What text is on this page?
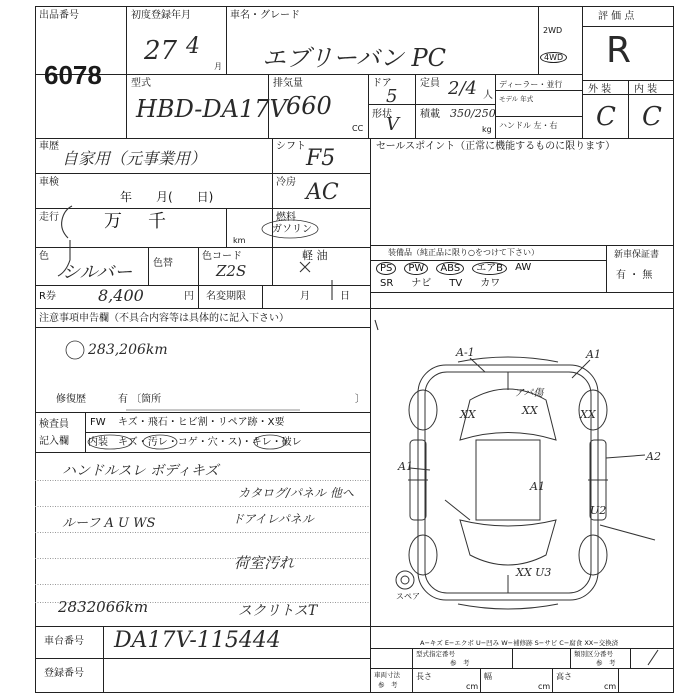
出品番号
6078
初度登録年月
27 4
月
車名・グレード
エブリーバン PC
2WD
4WD
評 価 点
R
外 装 内 装
C C
型式
HBD-DA17V
排気量
660
CC
ドア
5
形状
V
定員 2/4 人
積載 350/250
kg
ディーラー・並行
モデル 年式
ハンドル 左・右
車歴
自家用（元事業用）
シフト F5
車検
年　　月(　　日)
冷房 AC
走行	万 千
km
燃料
ガソリン
軽 油
色
シルバー 色替
色コード
Z2S
R券	8,400	円 名変期限	月　　　日
セールスポイント（正常に機能するものに限ります）
装備品（純正品に限り○をつけて下さい）	新車保証書
有 ・ 無
PS	PW	ABS	エアB	AW
SR ナビ TV カワ
注意事項申告欄（不具合内容等は具体的に記入下さい）
283,206km
修復歴	有 〔箇所	〕
検査員
記入欄
FW キズ・飛石・ヒビ割・リペア跡・X要
内装 キズ・汚レ・コゲ・穴・ス)・キレ・破レ
ハンドルスレ ボディキズ
カタログ/パネル 他へ
ルーフ A U WS	ドアイレパネル
荷室汚れ
2832066km	スクリトスT
A-1	A1
アパ傷
XX	XX	XX
A1
A2
A1
U2
XX U3
スペア
A−キズ E−エクボ U−凹み W−補修跡 S−サビ C−腐食 XX−交換済
車台番号 DA17V-115444
登録番号
型式指定番号
参　考
類別区分番号
参　考
車両寸法
参　考
長さ
cm
幅
cm
高さ
cm
